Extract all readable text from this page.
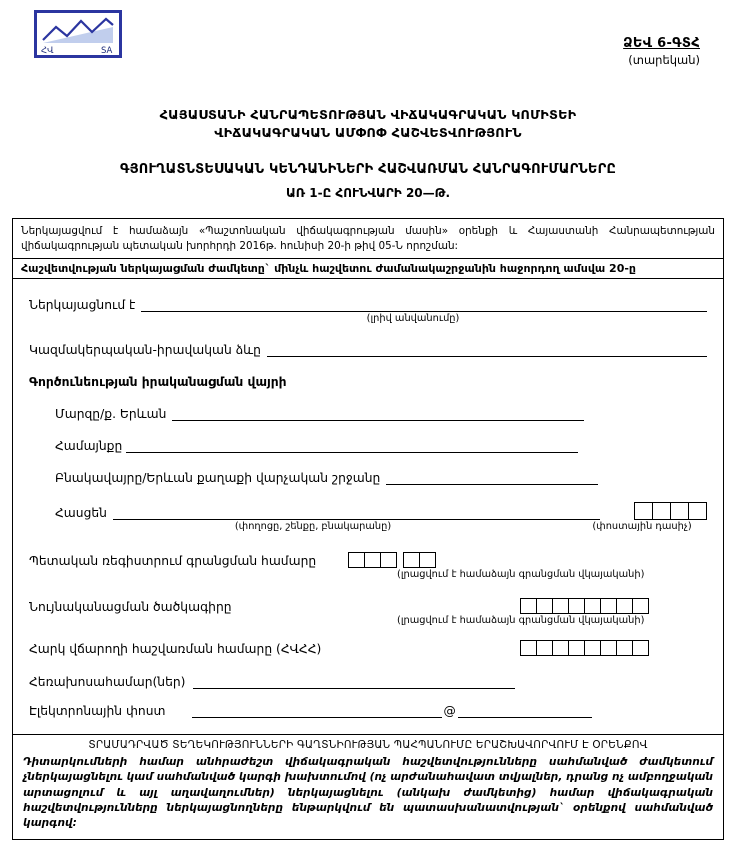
ՀՎ	SA	ՁԵՎ 6-ԳՏՀ
(տարեկան)
ՀԱՅԱՍՏԱՆԻ ՀԱՆՐԱՊԵՏՈՒԹՅԱՆ ՎԻՃԱԿԱԳՐԱԿԱՆ ԿՈՄԻՏԵԻ
ՎԻՃԱԿԱԳՐԱԿԱՆ ԱՄՓՈՓ ՀԱՇՎԵՏՎՈՒԹՅՈՒՆ
ԳՅՈՒՂԱՏՆՏԵՍԱԿԱՆ ԿԵՆԴԱՆԻՆԵՐԻ ՀԱՇՎԱՌՄԱՆ ՀԱՆՐԱԳՈՒՄԱՐՆԵՐԸ
ԱՌ 1-Ը ՀՈՒՆՎԱՐԻ 20—Թ.
Ներկայացվում է համաձայն «Պաշտոնական վիճակագրության մասին» օրենքի և Հայաստանի Հանրապետության վիճակագրության պետական խորհրդի 2016թ. հունիսի 20-ի թիվ 05-Ն որոշման:
Հաշվետվության ներկայացման ժամկետը` մինչև հաշվետու ժամանակաշրջանին հաջորդող ամսվա 20-ը
Ներկայացնում է
(լրիվ անվանումը)
Կազմակերպական-իրավական ձևը
Գործունեության իրականացման վայրի
Մարզը/ք. Երևան
Համայնքը
Բնակավայրը/Երևան քաղաքի վարչական շրջանը
Հասցեն
(փողոցը, շենքը, բնակարանը)	(փոստային դասիչ)
Պետական ռեգիստրում գրանցման համարը
(լրացվում է համաձայն գրանցման վկայականի)
Նույնականացման ծածկագիրը
(լրացվում է համաձայն գրանցման վկայականի)
Հարկ վճարողի հաշվառման համարը (ՀՎՀՀ)
Հեռախոսահամար(ներ)
Էլեկտրոնային փոստ	@
ՏՐԱՄԱԴՐՎԱԾ ՏԵՂԵԿՈՒԹՅՈՒՆՆԵՐԻ ԳԱՂՏՆԻՈՒԹՅԱՆ ՊԱՀՊԱՆՈՒՄԸ ԵՐԱՇԽԱՎՈՐՎՈՒՄ Է ՕՐԵՆՔՈՎ
Դիտարկումների համար անհրաժեշտ վիճակագրական հաշվետվությունները սահմանված ժամկետում չներկայացնելու կամ սահմանված կարգի խախտումով (ոչ արժանահավատ տվյալներ, դրանց ոչ ամբողջական արտացոլում և այլ աղավաղումներ) ներկայացնելու (անկախ ժամկետից) համար վիճակագրական հաշվետվությունները ներկայացնողները ենթարկվում են պատասխանատվության` օրենքով սահմանված կարգով:
